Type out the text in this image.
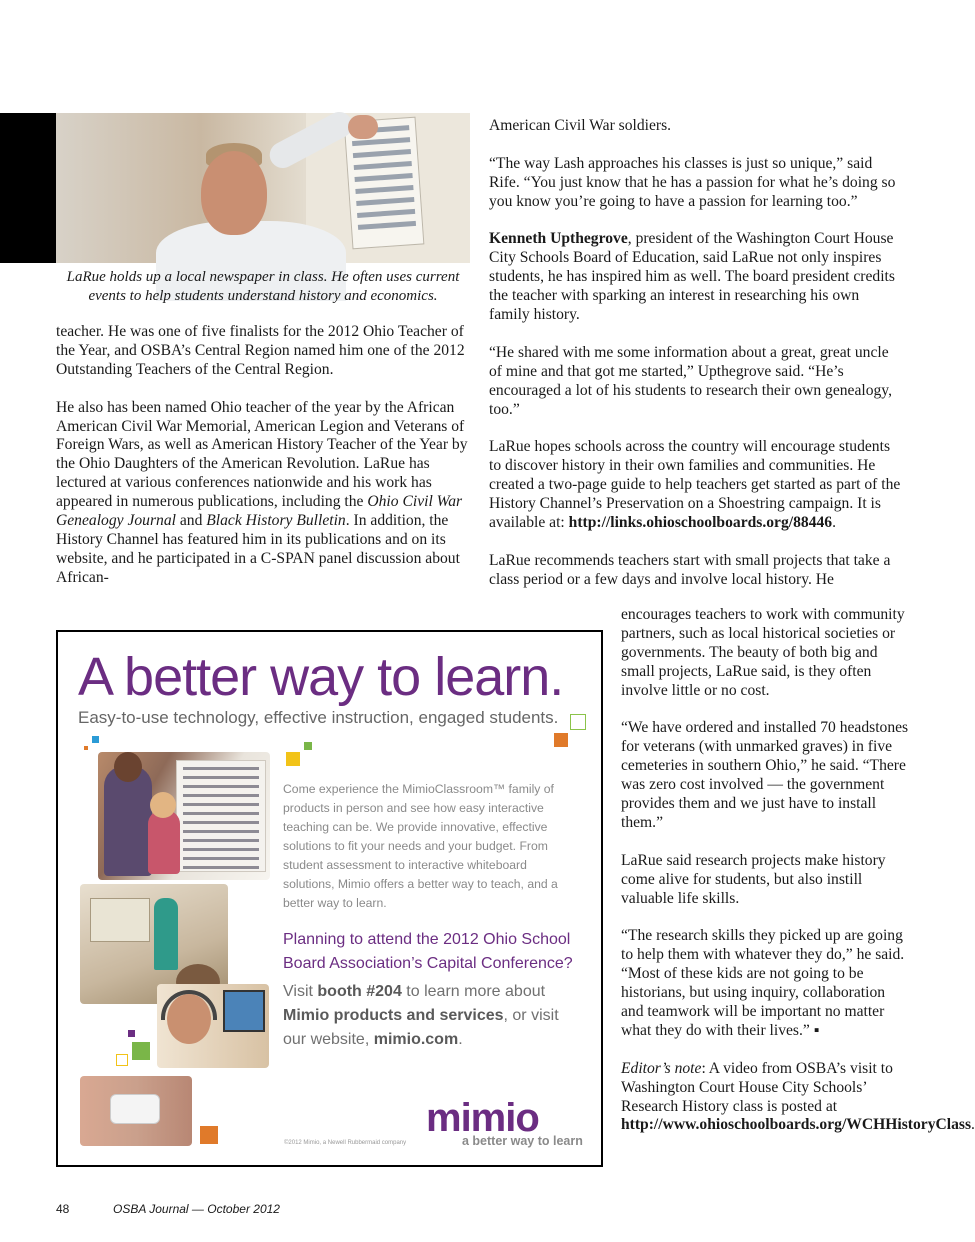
LaRue holds up a local newspaper in class. He often uses current events to help students understand history and economics.

teacher. He was one of five finalists for the 2012 Ohio Teacher of the Year, and OSBA’s Central Region named him one of the 2012 Outstanding Teachers of the Central Region.

He also has been named Ohio teacher of the year by the African American Civil War Memorial, American Legion and Veterans of Foreign Wars, as well as American History Teacher of the Year by the Ohio Daughters of the American Revolution. LaRue has lectured at various conferences nationwide and his work has appeared in numerous publications, including the Ohio Civil War Genealogy Journal and Black History Bulletin. In addition, the History Channel has featured him in its publications and on its website, and he participated in a C-SPAN panel discussion about African-

American Civil War soldiers.

“The way Lash approaches his classes is just so unique,” said Rife. “You just know that he has a passion for what he’s doing so you know you’re going to have a passion for learning too.”

Kenneth Upthegrove, president of the Washington Court House City Schools Board of Education, said LaRue not only inspires students, he has inspired him as well. The board president credits the teacher with sparking an interest in researching his own family history.

“He shared with me some information about a great, great uncle of mine and that got me started,” Upthegrove said. “He’s encouraged a lot of his students to research their own genealogy, too.”

LaRue hopes schools across the country will encourage students to discover history in their own families and communities. He created a two-page guide to help teachers get started as part of the History Channel’s Preservation on a Shoestring campaign. It is available at: http://links.ohioschoolboards.org/88446.

LaRue recommends teachers start with small projects that take a class period or a few days and involve local history. He

encourages teachers to work with community partners, such as local historical societies or governments. The beauty of both big and small projects, LaRue said, is they often involve little or no cost.

“We have ordered and installed 70 headstones for veterans (with unmarked graves) in five cemeteries in southern Ohio,” he said. “There was zero cost involved — the government provides them and we just have to install them.”

LaRue said research projects make history come alive for students, but also instill valuable life skills.

“The research skills they picked up are going to help them with whatever they do,” he said. “Most of these kids are not going to be historians, but using inquiry, collaboration and teamwork will be important no matter what they do with their lives.” ▪

Editor’s note: A video from OSBA’s visit to Washington Court House City Schools’ Research History class is posted at http://www.ohioschoolboards.org/WCHHistoryClass.

A better way to learn.
Easy-to-use technology, effective instruction, engaged students.
Come experience the MimioClassroom™ family of products in person and see how easy interactive teaching can be. We provide innovative, effective solutions to fit your needs and your budget. From student assessment to interactive whiteboard solutions, Mimio offers a better way to teach, and a better way to learn.
Planning to attend the 2012 Ohio School Board Association’s Capital Conference?
Visit booth #204 to learn more about Mimio products and services, or visit our website, mimio.com.
mimio
a better way to learn
©2012 Mimio, a Newell Rubbermaid company
48	OSBA Journal — October 2012
